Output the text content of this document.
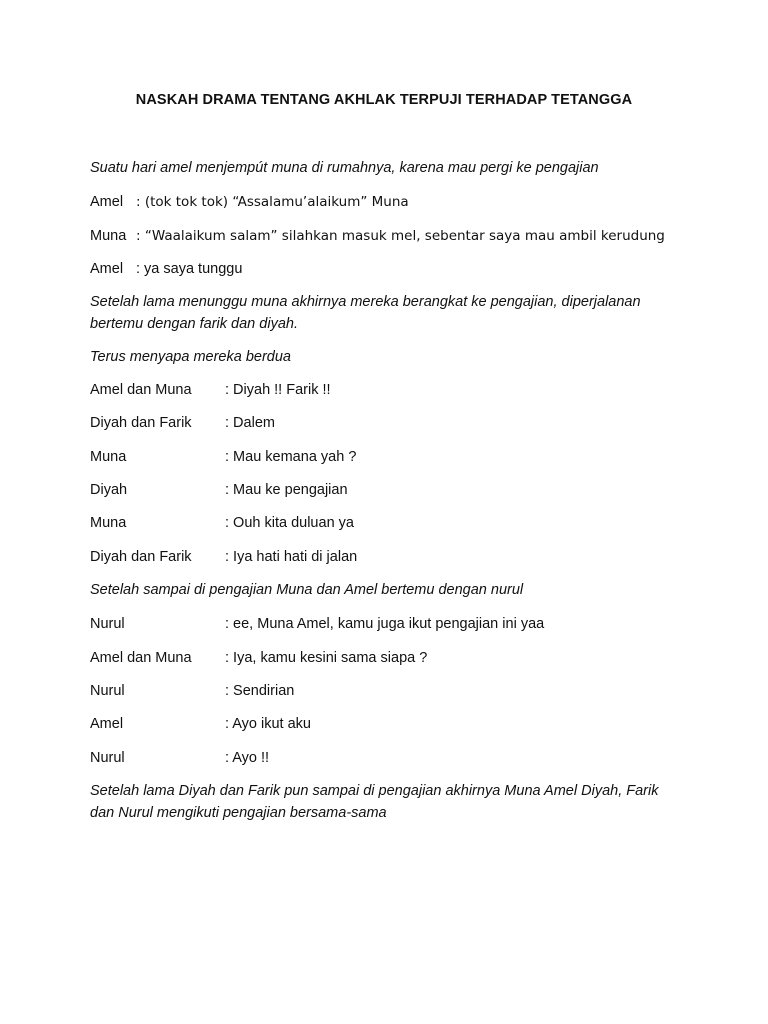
NASKAH DRAMA TENTANG AKHLAK TERPUJI TERHADAP TETANGGA
Suatu hari amel menjempút muna di rumahnya, karena mau pergi ke pengajian
Amel : (tok tok tok) “Assalamu’alaikum” Muna
Muna : “Waalaikum salam” silahkan masuk mel, sebentar saya mau ambil kerudung
Amel : ya saya tunggu
Setelah lama menunggu muna akhirnya mereka berangkat ke pengajian, diperjalanan bertemu dengan farik dan diyah.
Terus menyapa mereka berdua
Amel dan Muna : Diyah !! Farik !!
Diyah dan Farik : Dalem
Muna	: Mau kemana yah ?
Diyah	: Mau ke pengajian
Muna	: Ouh kita duluan ya
Diyah dan Farik : Iya hati hati di jalan
Setelah sampai di pengajian Muna dan Amel bertemu dengan nurul
Nurul	: ee, Muna Amel, kamu juga ikut pengajian ini yaa
Amel dan Muna : Iya, kamu kesini sama siapa ?
Nurul	: Sendirian
Amel	: Ayo ikut aku
Nurul	: Ayo !!
Setelah lama Diyah dan Farik pun sampai di pengajian akhirnya Muna Amel Diyah, Farik dan Nurul mengikuti pengajian bersama-sama
